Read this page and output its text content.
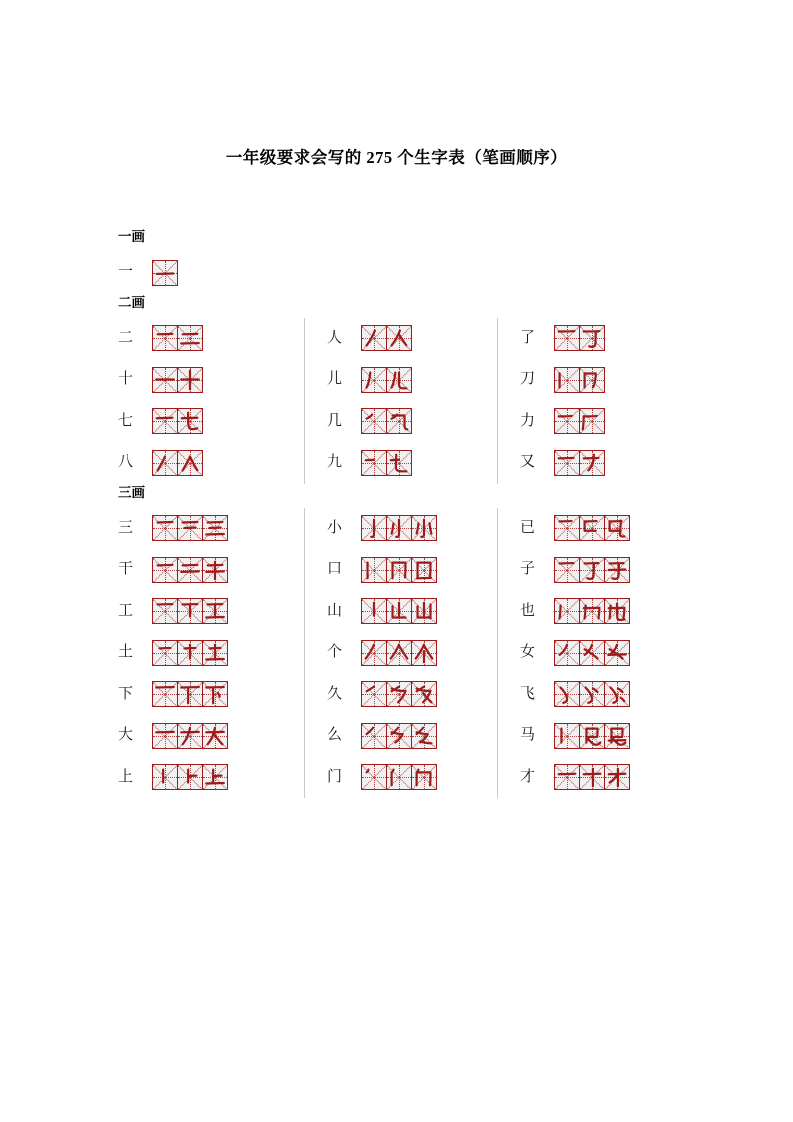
一年级要求会写的 275 个生字表（笔画顺序）
一画
一
二画
二
十
七
八
人
儿
几
九
了
刀
力
又
三画
三
干
工
土
下
大
上
小
口
山
个
久
么
门
已
子
也
女
飞
马
才
